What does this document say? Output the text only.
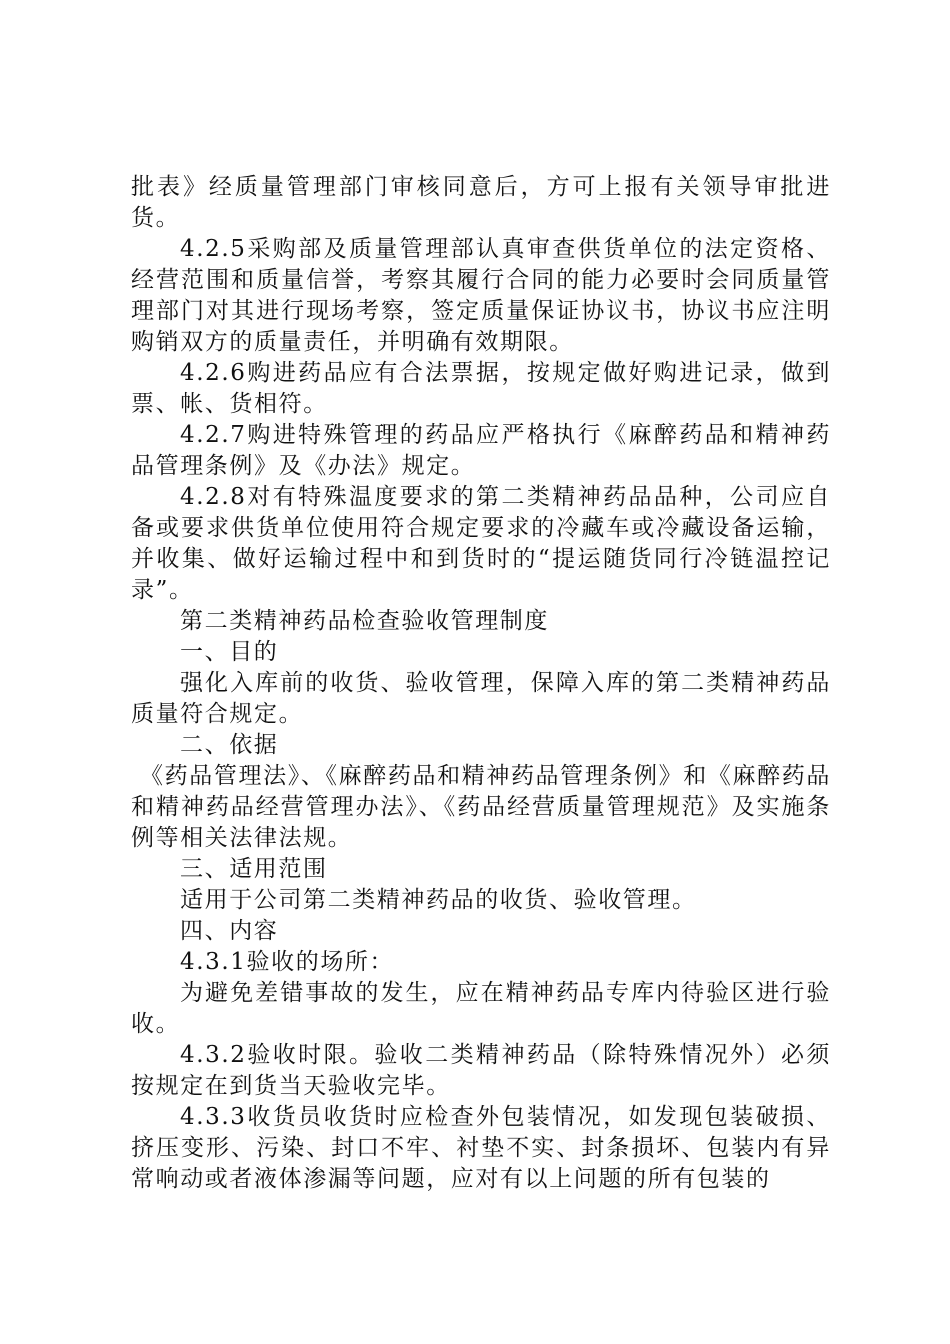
批表》经质量管理部门审核同意后，方可上报有关领导审批进货。

4.2.5采购部及质量管理部认真审查供货单位的法定资格、经营范围和质量信誉，考察其履行合同的能力必要时会同质量管理部门对其进行现场考察，签定质量保证协议书，协议书应注明购销双方的质量责任，并明确有效期限。

4.2.6购进药品应有合法票据，按规定做好购进记录，做到票、帐、货相符。

4.2.7购进特殊管理的药品应严格执行《麻醉药品和精神药品管理条例》及《办法》规定。

4.2.8对有特殊温度要求的第二类精神药品品种，公司应自备或要求供货单位使用符合规定要求的冷藏车或冷藏设备运输，并收集、做好运输过程中和到货时的“提运随货同行冷链温控记录”。

第二类精神药品检查验收管理制度

一、目的

强化入库前的收货、验收管理，保障入库的第二类精神药品质量符合规定。

二、依据

《药品管理法》、《麻醉药品和精神药品管理条例》和《麻醉药品和精神药品经营管理办法》、《药品经营质量管理规范》及实施条例等相关法律法规。

三、适用范围

适用于公司第二类精神药品的收货、验收管理。

四、内容

4.3.1验收的场所：

为避免差错事故的发生，应在精神药品专库内待验区进行验收。

4.3.2验收时限。验收二类精神药品（除特殊情况外）必须按规定在到货当天验收完毕。

4.3.3收货员收货时应检查外包装情况，如发现包装破损、挤压变形、污染、封口不牢、衬垫不实、封条损坏、包装内有异常响动或者液体渗漏等问题，应对有以上问题的所有包装的
